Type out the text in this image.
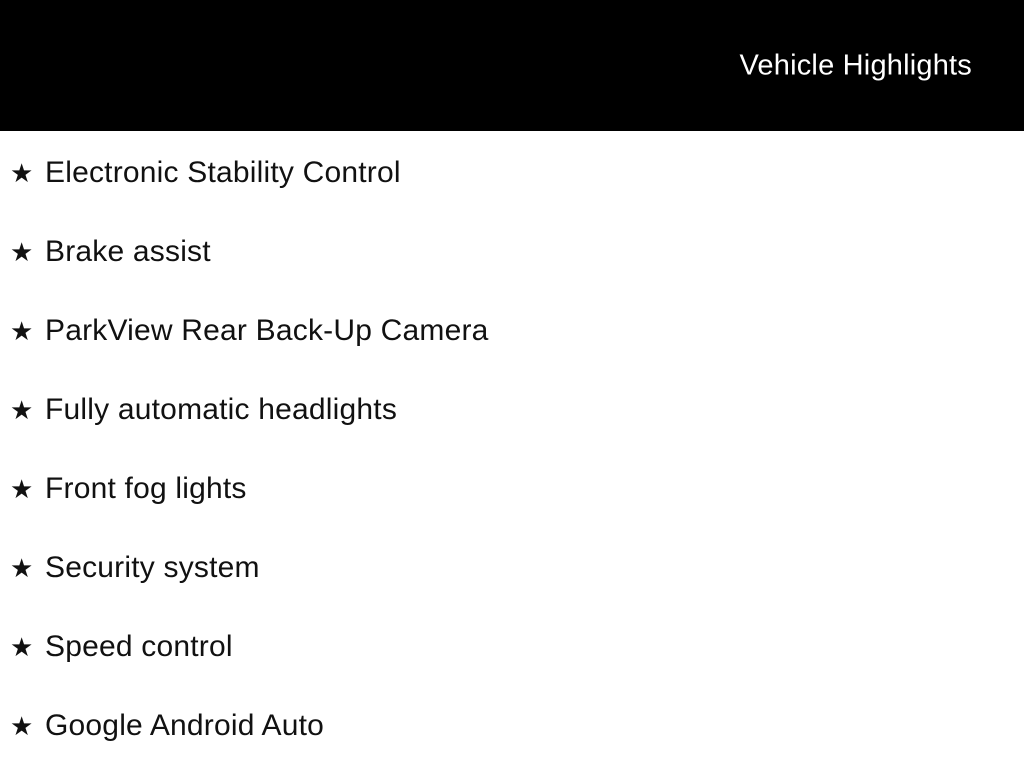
Vehicle Highlights
★ Electronic Stability Control
★ Brake assist
★ ParkView Rear Back-Up Camera
★ Fully automatic headlights
★ Front fog lights
★ Security system
★ Speed control
★ Google Android Auto
